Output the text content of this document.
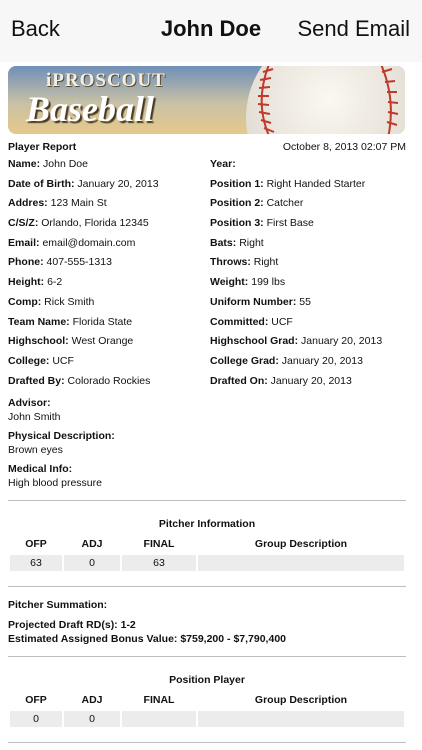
Back	John Doe	Send Email
iPROSCOUT
Baseball
Player Report	October 8, 2013 02:07 PM
Name: John Doe
Date of Birth: January 20, 2013
Addres: 123 Main St
C/S/Z: Orlando, Florida 12345
Email: email@domain.com
Phone: 407-555-1313
Height: 6-2
Comp: Rick Smith
Team Name: Florida State
Highschool: West Orange
College: UCF
Drafted By: Colorado Rockies
Year:
Position 1: Right Handed Starter
Position 2: Catcher
Position 3: First Base
Bats: Right
Throws: Right
Weight: 199 lbs
Uniform Number: 55
Committed: UCF
Highschool Grad: January 20, 2013
College Grad: January 20, 2013
Drafted On: January 20, 2013
Advisor:
John Smith
Physical Description:
Brown eyes
Medical Info:
High blood pressure
Pitcher Information
OFP	ADJ	FINAL	Group Description
63	0	63
Pitcher Summation:
Projected Draft RD(s): 1-2
Estimated Assigned Bonus Value: $759,200 - $7,790,400
Position Player
OFP	ADJ	FINAL	Group Description
0	0
